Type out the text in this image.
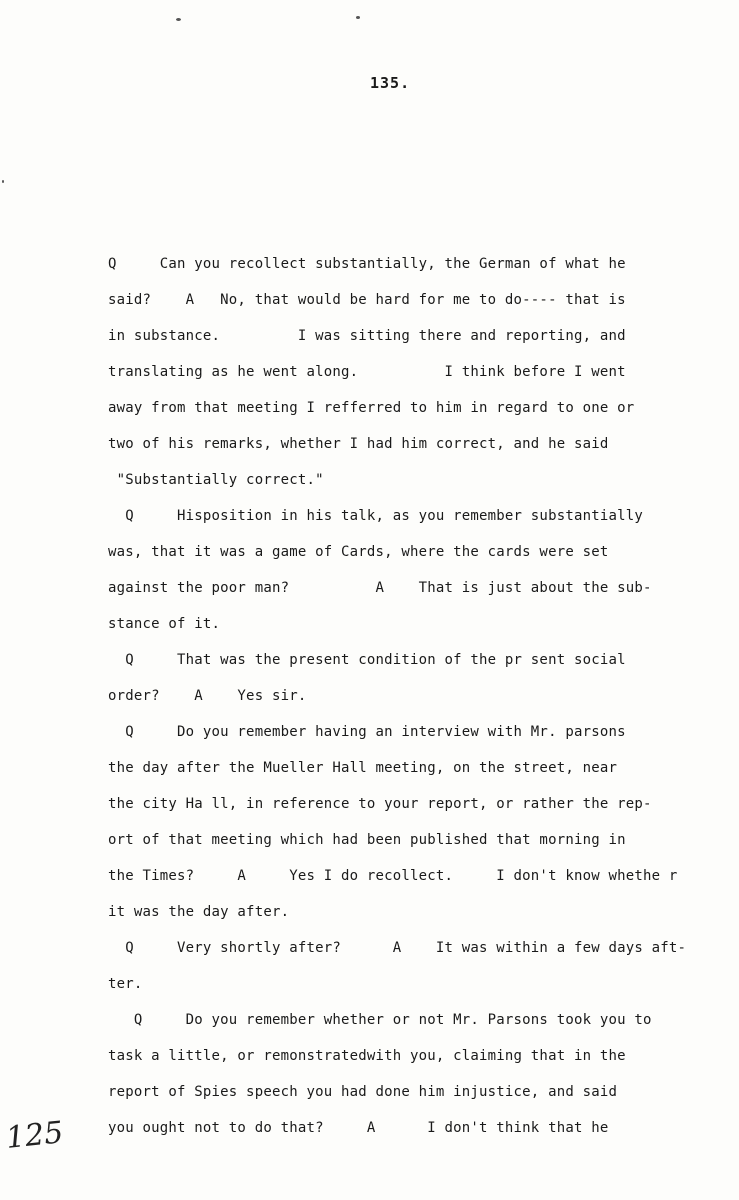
135.
Q     Can you recollect substantially, the German of what he
said?    A   No, that would be hard for me to do---- that is
in substance.         I was sitting there and reporting, and
translating as he went along.          I think before I went
away from that meeting I refferred to him in regard to one or
two of his remarks, whether I had him correct, and he said
"Substantially correct."
Q     Hisposition in his talk, as you remember substantially
was, that it was a game of Cards, where the cards were set
against the poor man?          A    That is just about the sub-
stance of it.
Q     That was the present condition of the pr sent social
order?    A    Yes sir.
Q     Do you remember having an interview with Mr. parsons
the day after the Mueller Hall meeting, on the street, near
the city Ha ll, in reference to your report, or rather the rep-
ort of that meeting which had been published that morning in
the Times?     A     Yes I do recollect.     I don't know whethe r
it was the day after.
Q     Very shortly after?      A    It was within a few days aft-
ter.
Q     Do you remember whether or not Mr. Parsons took you to
task a little, or remonstratedwith you, claiming that in the
report of Spies speech you had done him injustice, and said
you ought not to do that?     A      I don't think that he
125
